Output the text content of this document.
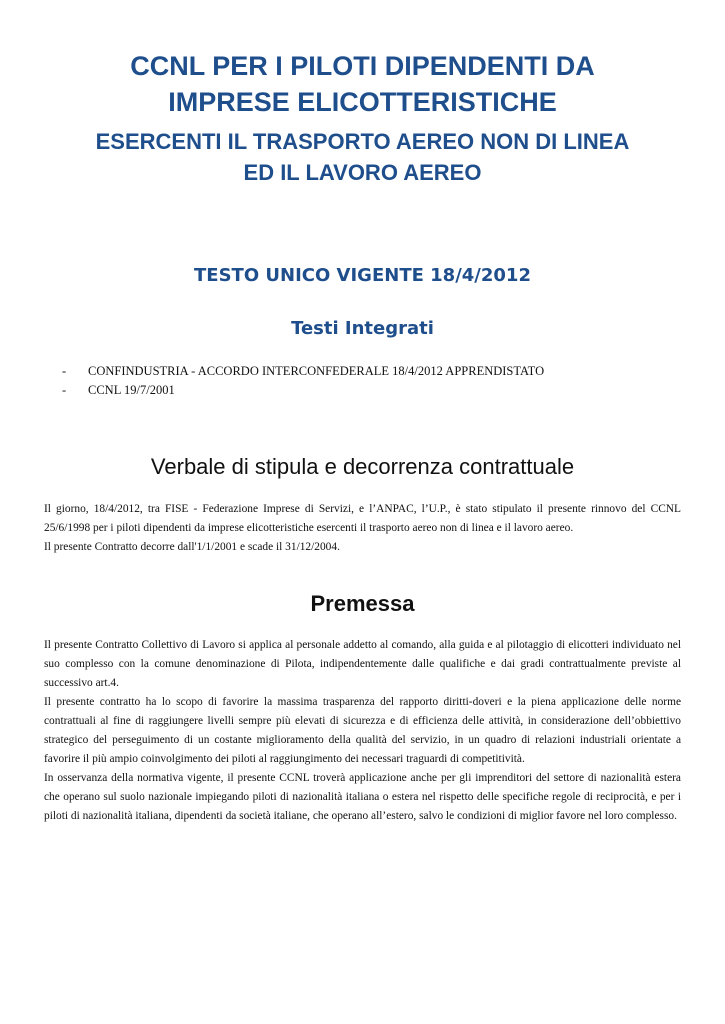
CCNL PER I PILOTI DIPENDENTI DA
IMPRESE ELICOTTERISTICHE
ESERCENTI IL TRASPORTO AEREO NON DI LINEA
ED IL LAVORO AEREO
TESTO UNICO VIGENTE 18/4/2012
Testi Integrati
- CONFINDUSTRIA - ACCORDO INTERCONFEDERALE 18/4/2012 APPRENDISTATO
- CCNL 19/7/2001
Verbale di stipula e decorrenza contrattuale

Il giorno, 18/4/2012, tra FISE - Federazione Imprese di Servizi, e l’ANPAC, l’U.P., è stato stipulato il presente rinnovo del CCNL 25/6/1998 per i piloti dipendenti da imprese elicotteristiche esercenti il trasporto aereo non di linea e il lavoro aereo.

Il presente Contratto decorre dall'1/1/2001 e scade il 31/12/2004.

Premessa

Il presente Contratto Collettivo di Lavoro si applica al personale addetto al comando, alla guida e al pilotaggio di elicotteri individuato nel suo complesso con la comune denominazione di Pilota, indipendentemente dalle qualifiche e dai gradi contrattualmente previste al successivo art.4.

Il presente contratto ha lo scopo di favorire la massima trasparenza del rapporto diritti-doveri e la piena applicazione delle norme contrattuali al fine di raggiungere livelli sempre più elevati di sicurezza e di efficienza delle attività, in considerazione dell’obbiettivo strategico del perseguimento di un costante miglioramento della qualità del servizio, in un quadro di relazioni industriali orientate a favorire il più ampio coinvolgimento dei piloti al raggiungimento dei necessari traguardi di competitività.

In osservanza della normativa vigente, il presente CCNL troverà applicazione anche per gli imprenditori del settore di nazionalità estera che operano sul suolo nazionale impiegando piloti di nazionalità italiana o estera nel rispetto delle specifiche regole di reciprocità, e per i piloti di nazionalità italiana, dipendenti da società italiane, che operano all’estero, salvo le condizioni di miglior favore nel loro complesso.
